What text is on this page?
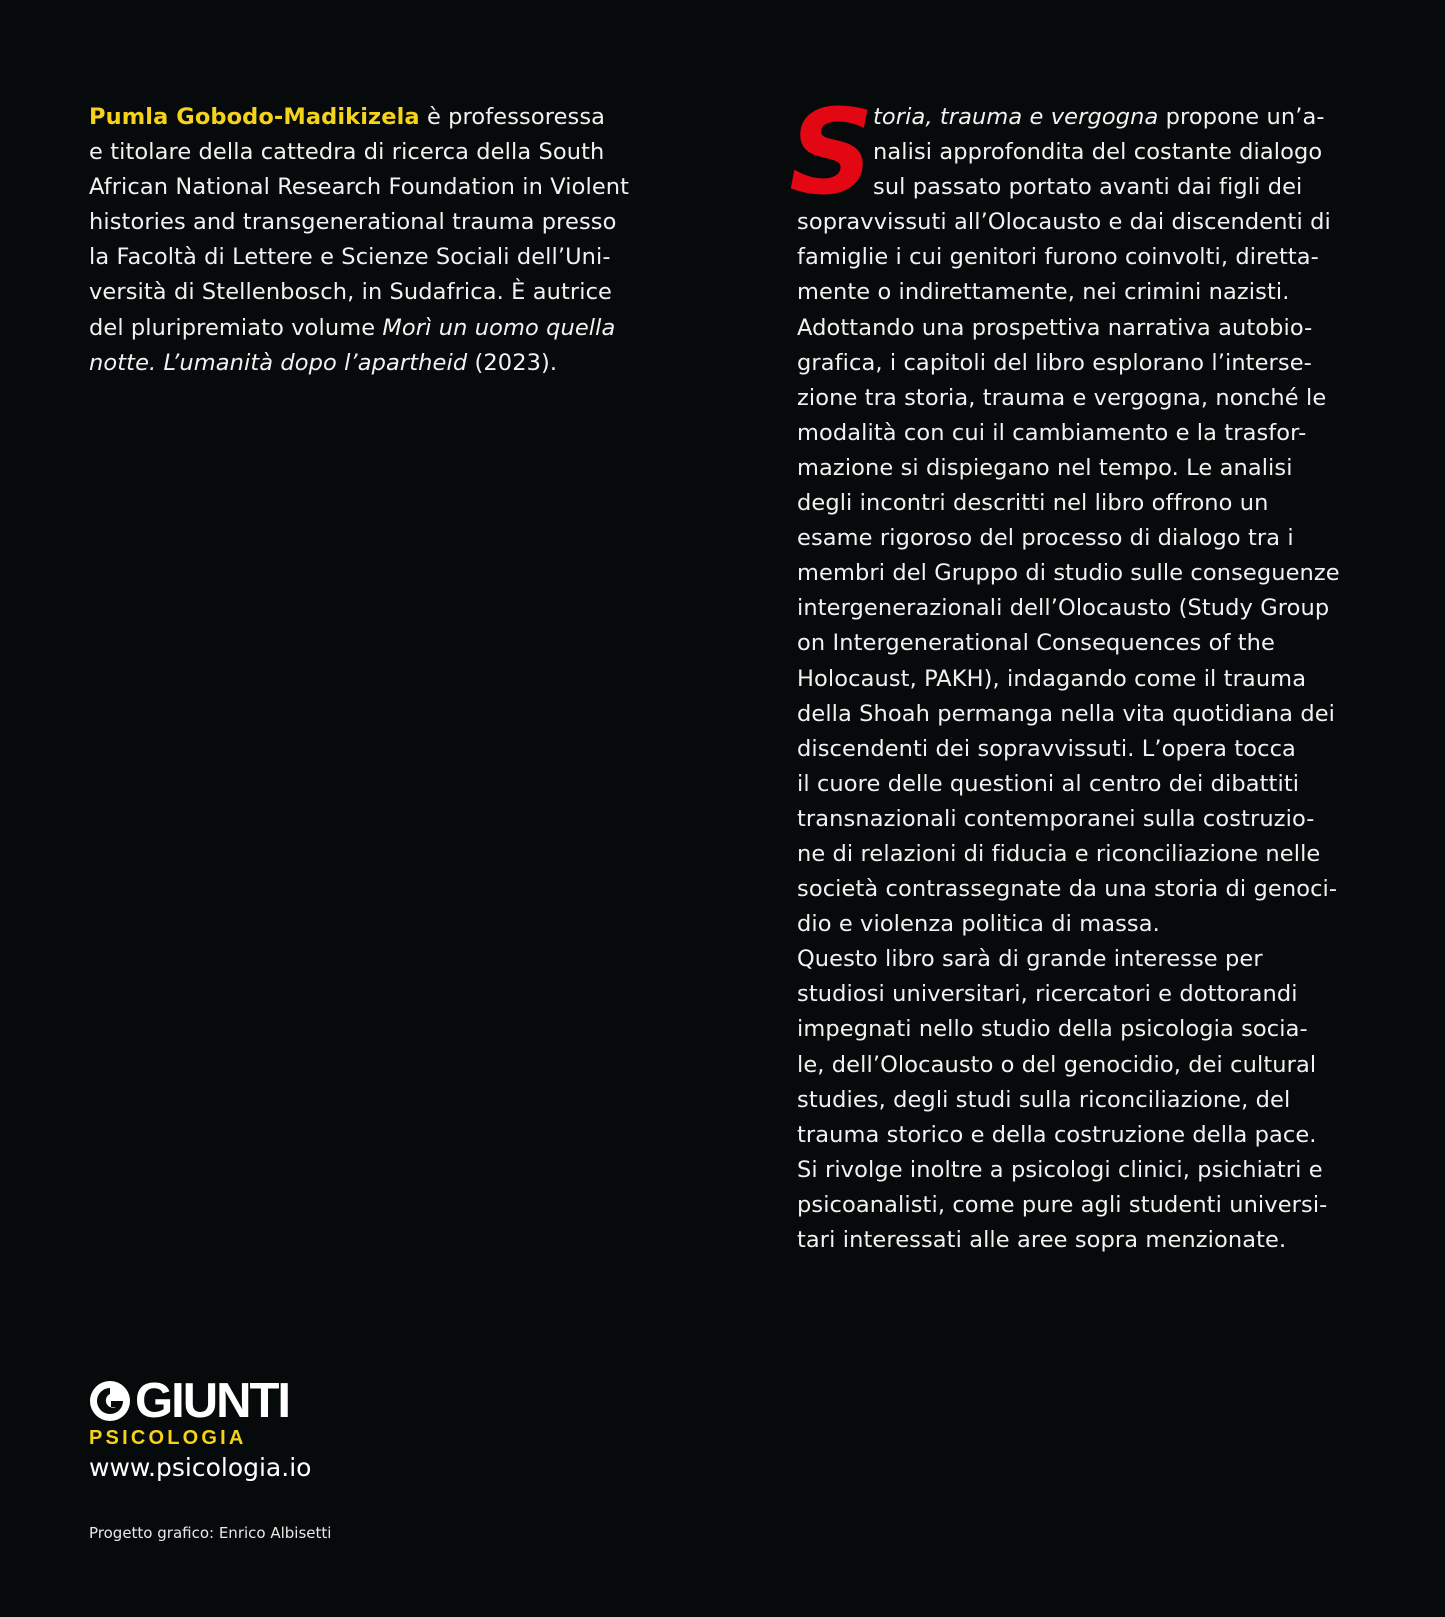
Pumla Gobodo-Madikizela è professoressa
e titolare della cattedra di ricerca della South
African National Research Foundation in Violent
histories and transgenerational trauma presso
la Facoltà di Lettere e Scienze Sociali dell’Uni-
versità di Stellenbosch, in Sudafrica. È autrice
del pluripremiato volume Morì un uomo quella
notte. L’umanità dopo l’apartheid (2023).
S
toria, trauma e vergogna propone un’a-
nalisi approfondita del costante dialogo
sul passato portato avanti dai figli dei
sopravvissuti all’Olocausto e dai discendenti di
famiglie i cui genitori furono coinvolti, diretta-
mente o indirettamente, nei crimini nazisti.
Adottando una prospettiva narrativa autobio-
grafica, i capitoli del libro esplorano l’interse-
zione tra storia, trauma e vergogna, nonché le
modalità con cui il cambiamento e la trasfor-
mazione si dispiegano nel tempo. Le analisi
degli incontri descritti nel libro offrono un
esame rigoroso del processo di dialogo tra i
membri del Gruppo di studio sulle conseguenze
intergenerazionali dell’Olocausto (Study Group
on Intergenerational Consequences of the
Holocaust, PAKH), indagando come il trauma
della Shoah permanga nella vita quotidiana dei
discendenti dei sopravvissuti. L’opera tocca
il cuore delle questioni al centro dei dibattiti
transnazionali contemporanei sulla costruzio-
ne di relazioni di fiducia e riconciliazione nelle
società contrassegnate da una storia di genoci-
dio e violenza politica di massa.
Questo libro sarà di grande interesse per
studiosi universitari, ricercatori e dottorandi
impegnati nello studio della psicologia socia-
le, dell’Olocausto o del genocidio, dei cultural
studies, degli studi sulla riconciliazione, del
trauma storico e della costruzione della pace.
Si rivolge inoltre a psicologi clinici, psichiatri e
psicoanalisti, come pure agli studenti universi-
tari interessati alle aree sopra menzionate.
GIUNTI
PSICOLOGIA
www.psicologia.io
Progetto grafico: Enrico Albisetti
